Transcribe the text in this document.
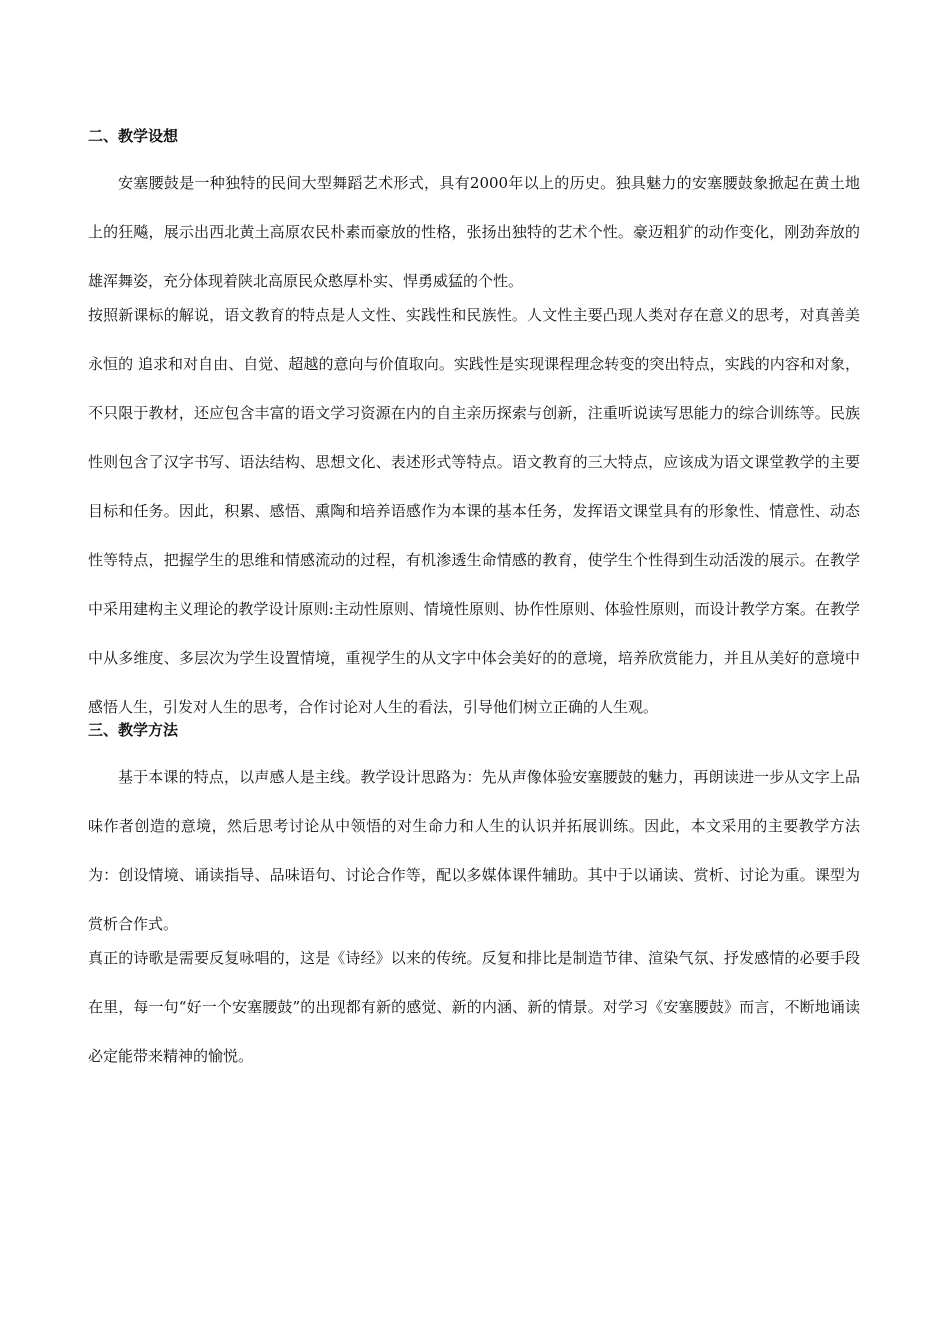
二、教学设想

安塞腰鼓是一种独特的民间大型舞蹈艺术形式，具有2000年以上的历史。独具魅力的安塞腰鼓象掀起在黄土地上的狂飚，展示出西北黄土高原农民朴素而豪放的性格，张扬出独特的艺术个性。豪迈粗犷的动作变化，刚劲奔放的雄浑舞姿，充分体现着陕北高原民众憨厚朴实、悍勇威猛的个性。

按照新课标的解说，语文教育的特点是人文性、实践性和民族性。人文性主要凸现人类对存在意义的思考，对真善美永恒的 追求和对自由、自觉、超越的意向与价值取向。实践性是实现课程理念转变的突出特点，实践的内容和对象，不只限于教材，还应包含丰富的语文学习资源在内的自主亲历探索与创新，注重听说读写思能力的综合训练等。民族性则包含了汉字书写、语法结构、思想文化、表述形式等特点。语文教育的三大特点，应该成为语文课堂教学的主要目标和任务。因此，积累、感悟、熏陶和培养语感作为本课的基本任务，发挥语文课堂具有的形象性、情意性、动态性等特点，把握学生的思维和情感流动的过程，有机渗透生命情感的教育，使学生个性得到生动活泼的展示。在教学中采用建构主义理论的教学设计原则:主动性原则、情境性原则、协作性原则、体验性原则，而设计教学方案。在教学中从多维度、多层次为学生设置情境，重视学生的从文字中体会美好的的意境，培养欣赏能力，并且从美好的意境中感悟人生，引发对人生的思考，合作讨论对人生的看法，引导他们树立正确的人生观。

三、教学方法

基于本课的特点，以声感人是主线。教学设计思路为：先从声像体验安塞腰鼓的魅力，再朗读进一步从文字上品味作者创造的意境，然后思考讨论从中领悟的对生命力和人生的认识并拓展训练。因此，本文采用的主要教学方法为：创设情境、诵读指导、品味语句、讨论合作等，配以多媒体课件辅助。其中于以诵读、赏析、讨论为重。课型为赏析合作式。

真正的诗歌是需要反复咏唱的，这是《诗经》以来的传统。反复和排比是制造节律、渲染气氛、抒发感情的必要手段在里，每一句“好一个安塞腰鼓”的出现都有新的感觉、新的内涵、新的情景。对学习《安塞腰鼓》而言，不断地诵读必定能带来精神的愉悦。
